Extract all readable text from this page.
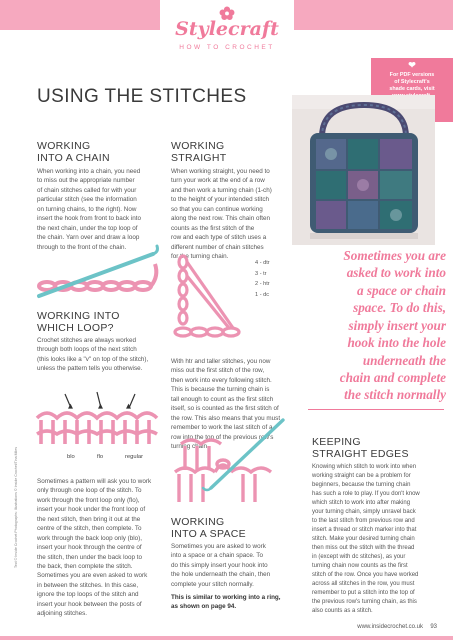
Stylecraft
HOW TO CROCHET
❤
For PDF versions
of Stylecraft's
shade cards, visit
USING THE STITCHES
WORKING
INTO A CHAIN
When working into a chain, you need
to miss out the appropriate number
of chain stitches called for with your
particular stitch (see the information
on turning chains, to the right). Now
insert the hook from front to back into
the next chain, under the top loop of
the chain. Yarn over and draw a loop
through to the front of the chain.
WORKING
STRAIGHT
When working straight, you need to
turn your work at the end of a row
and then work a turning chain (1-ch)
to the height of your intended stitch
so that you can continue working
along the next row. This chain often
counts as the first stitch of the
row and each type of stitch uses a
different number of chain stitches
for the turning chain.
4 - dtr
3 - tr
2 - htr
1 - dc
Sometimes you are
asked to work into
a space or chain
space. To do this,
simply insert your
hook into the hole
underneath the
chain and complete
the stitch normally
WORKING INTO
WHICH LOOP?
Crochet stitches are always worked
through both loops of the next stitch
(this looks like a "v" on top of the stitch),
unless the pattern tells you otherwise.
With htr and taller stitches, you now
miss out the first stitch of the row,
then work into every following stitch.
This is because the turning chain is
tall enough to count as the first stitch
itself, so is counted as the first stitch of
the row. This also means that you must
remember to work the last stitch of a
row into the top of the previous row's
turning chain.
blo	flo	regular
Text © Inside Crochet Photographs: Illustrations © Inside Crochet/Tina Miles	Sometimes a pattern will ask you to work
only through one loop of the stitch. To
work through the front loop only (flo),
insert your hook under the front loop of
the next stitch, then bring it out at the
centre of the stitch, then complete. To
work through the back loop only (blo),
insert your hook through the centre of
the stitch, then under the back loop to
the back, then complete the stitch.
Sometimes you are even asked to work
in between the stitches. In this case,
ignore the top loops of the stitch and
insert your hook between the posts of
adjoining stitches.
WORKING
INTO A SPACE
Sometimes you are asked to work
into a space or a chain space. To
do this simply insert your hook into
the hole underneath the chain, then
complete your stitch normally.
This is similar to working into a ring,
as shown on page 94.
KEEPING
STRAIGHT EDGES
Knowing which stitch to work into when
working straight can be a problem for
beginners, because the turning chain
has such a role to play. If you don't know
which stitch to work into after making
your turning chain, simply unravel back
to the last stitch from previous row and
insert a thread or stitch marker into that
stitch. Make your desired turning chain
then miss out the stitch with the thread
in (except with dc stitches), as your
turning chain now counts as the first
stitch of the row. Once you have worked
across all stitches in the row, you must
remember to put a stitch into the top of
the previous row's turning chain, as this
also counts as a stitch.
www.insidecrochet.co.uk 93
